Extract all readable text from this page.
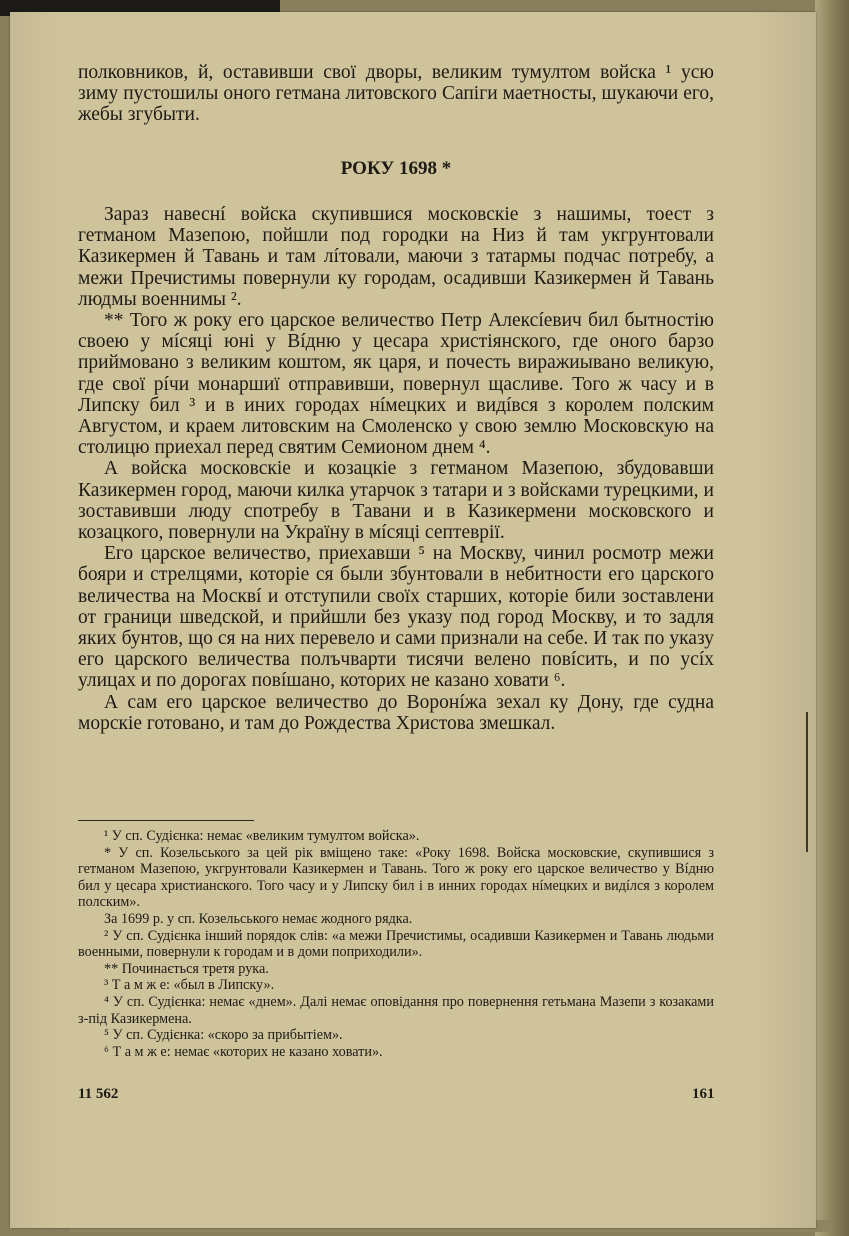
полковников, й, оставивши свої дворы, великим тумултом войска ¹ усю зиму пустошилы оного гетмана литовского Сапіги маетносты, шукаючи его, жебы згубыти.

РОКУ 1698 *

Зараз навеснí войска скупившися московскіе з нашимы, тоест з гетманом Мазепою, пойшли под городки на Низ й там укгрунтовали Казикермен й Тавань и там лíтовали, маючи з татармы подчас потребу, а межи Пречистимы повернули ку городам, осадивши Казикермен й Тавань людмы военнимы ².

** Того ж року его царское величество Петр Алексíевич бил бытностію своею у мíсяці юні у Вíдню у цесара христіянского, где оного барзо приймовано з великим коштом, як царя, и почесть виражиывано великую, где свої рíчи монаршиї отправивши, повернул щасливе. Того ж часу и в Липску бил ³ и в иних городах нíмецких и видíвся з королем полским Августом, и краем литовским на Смоленско у свою землю Московскую на столицю приехал перед святим Семионом днем ⁴.

А войска московскіе и козацкіе з гетманом Мазепою, збудовавши Казикермен город, маючи килка утарчок з татари и з войсками турецкими, и зоставивши люду спотребу в Тавани и в Казикермени московского и козацкого, повернули на Украïну в мíсяці септеврії.

Его царское величество, приехавши ⁵ на Москву, чинил росмотр межи бояри и стрелцями, которіе ся были збунтовали в небитности его царского величества на Москвí и отступили своïх старших, которіе били зоставлени от граници шведской, и прийшли без указу под город Москву, и то задля яких бунтов, що ся на них перевело и сами признали на себе. И так по указу его царского величества полъчварти тисячи велено повíсить, и по усíх улицах и по дорогах повíшано, которих не казано ховати ⁶.

А сам его царское величество до Воронíжа зехал ку Дону, где судна морскіе готовано, и там до Рождества Христова змешкал.

¹ У сп. Судієнка: немає «великим тумултом войска».

* У сп. Козельського за цей рік вміщено таке: «Року 1698. Войска московские, скупившися з гетманом Мазепою, укгрунтовали Казикермен и Тавань. Того ж року его царское величество у Вíдню бил у цесара христианского. Того часу и у Липску бил і в инних городах нíмецких и видíлся з королем полским».

За 1699 р. у сп. Козельського немає жодного рядка.

² У сп. Судієнка інший порядок слів: «а межи Пречистимы, осадивши Казикермен и Тавань людьми военными, повернули к городам и в доми поприходили».

** Починається третя рука.

³ Т а м ж е: «был в Липску».

⁴ У сп. Судієнка: немає «днем». Далі немає оповідання про повернення гетьмана Мазепи з козаками з-під Казикермена.

⁵ У сп. Судієнка: «скоро за прибытіем».

⁶ Т а м ж е: немає «которих не казано ховати».

11 562	161
